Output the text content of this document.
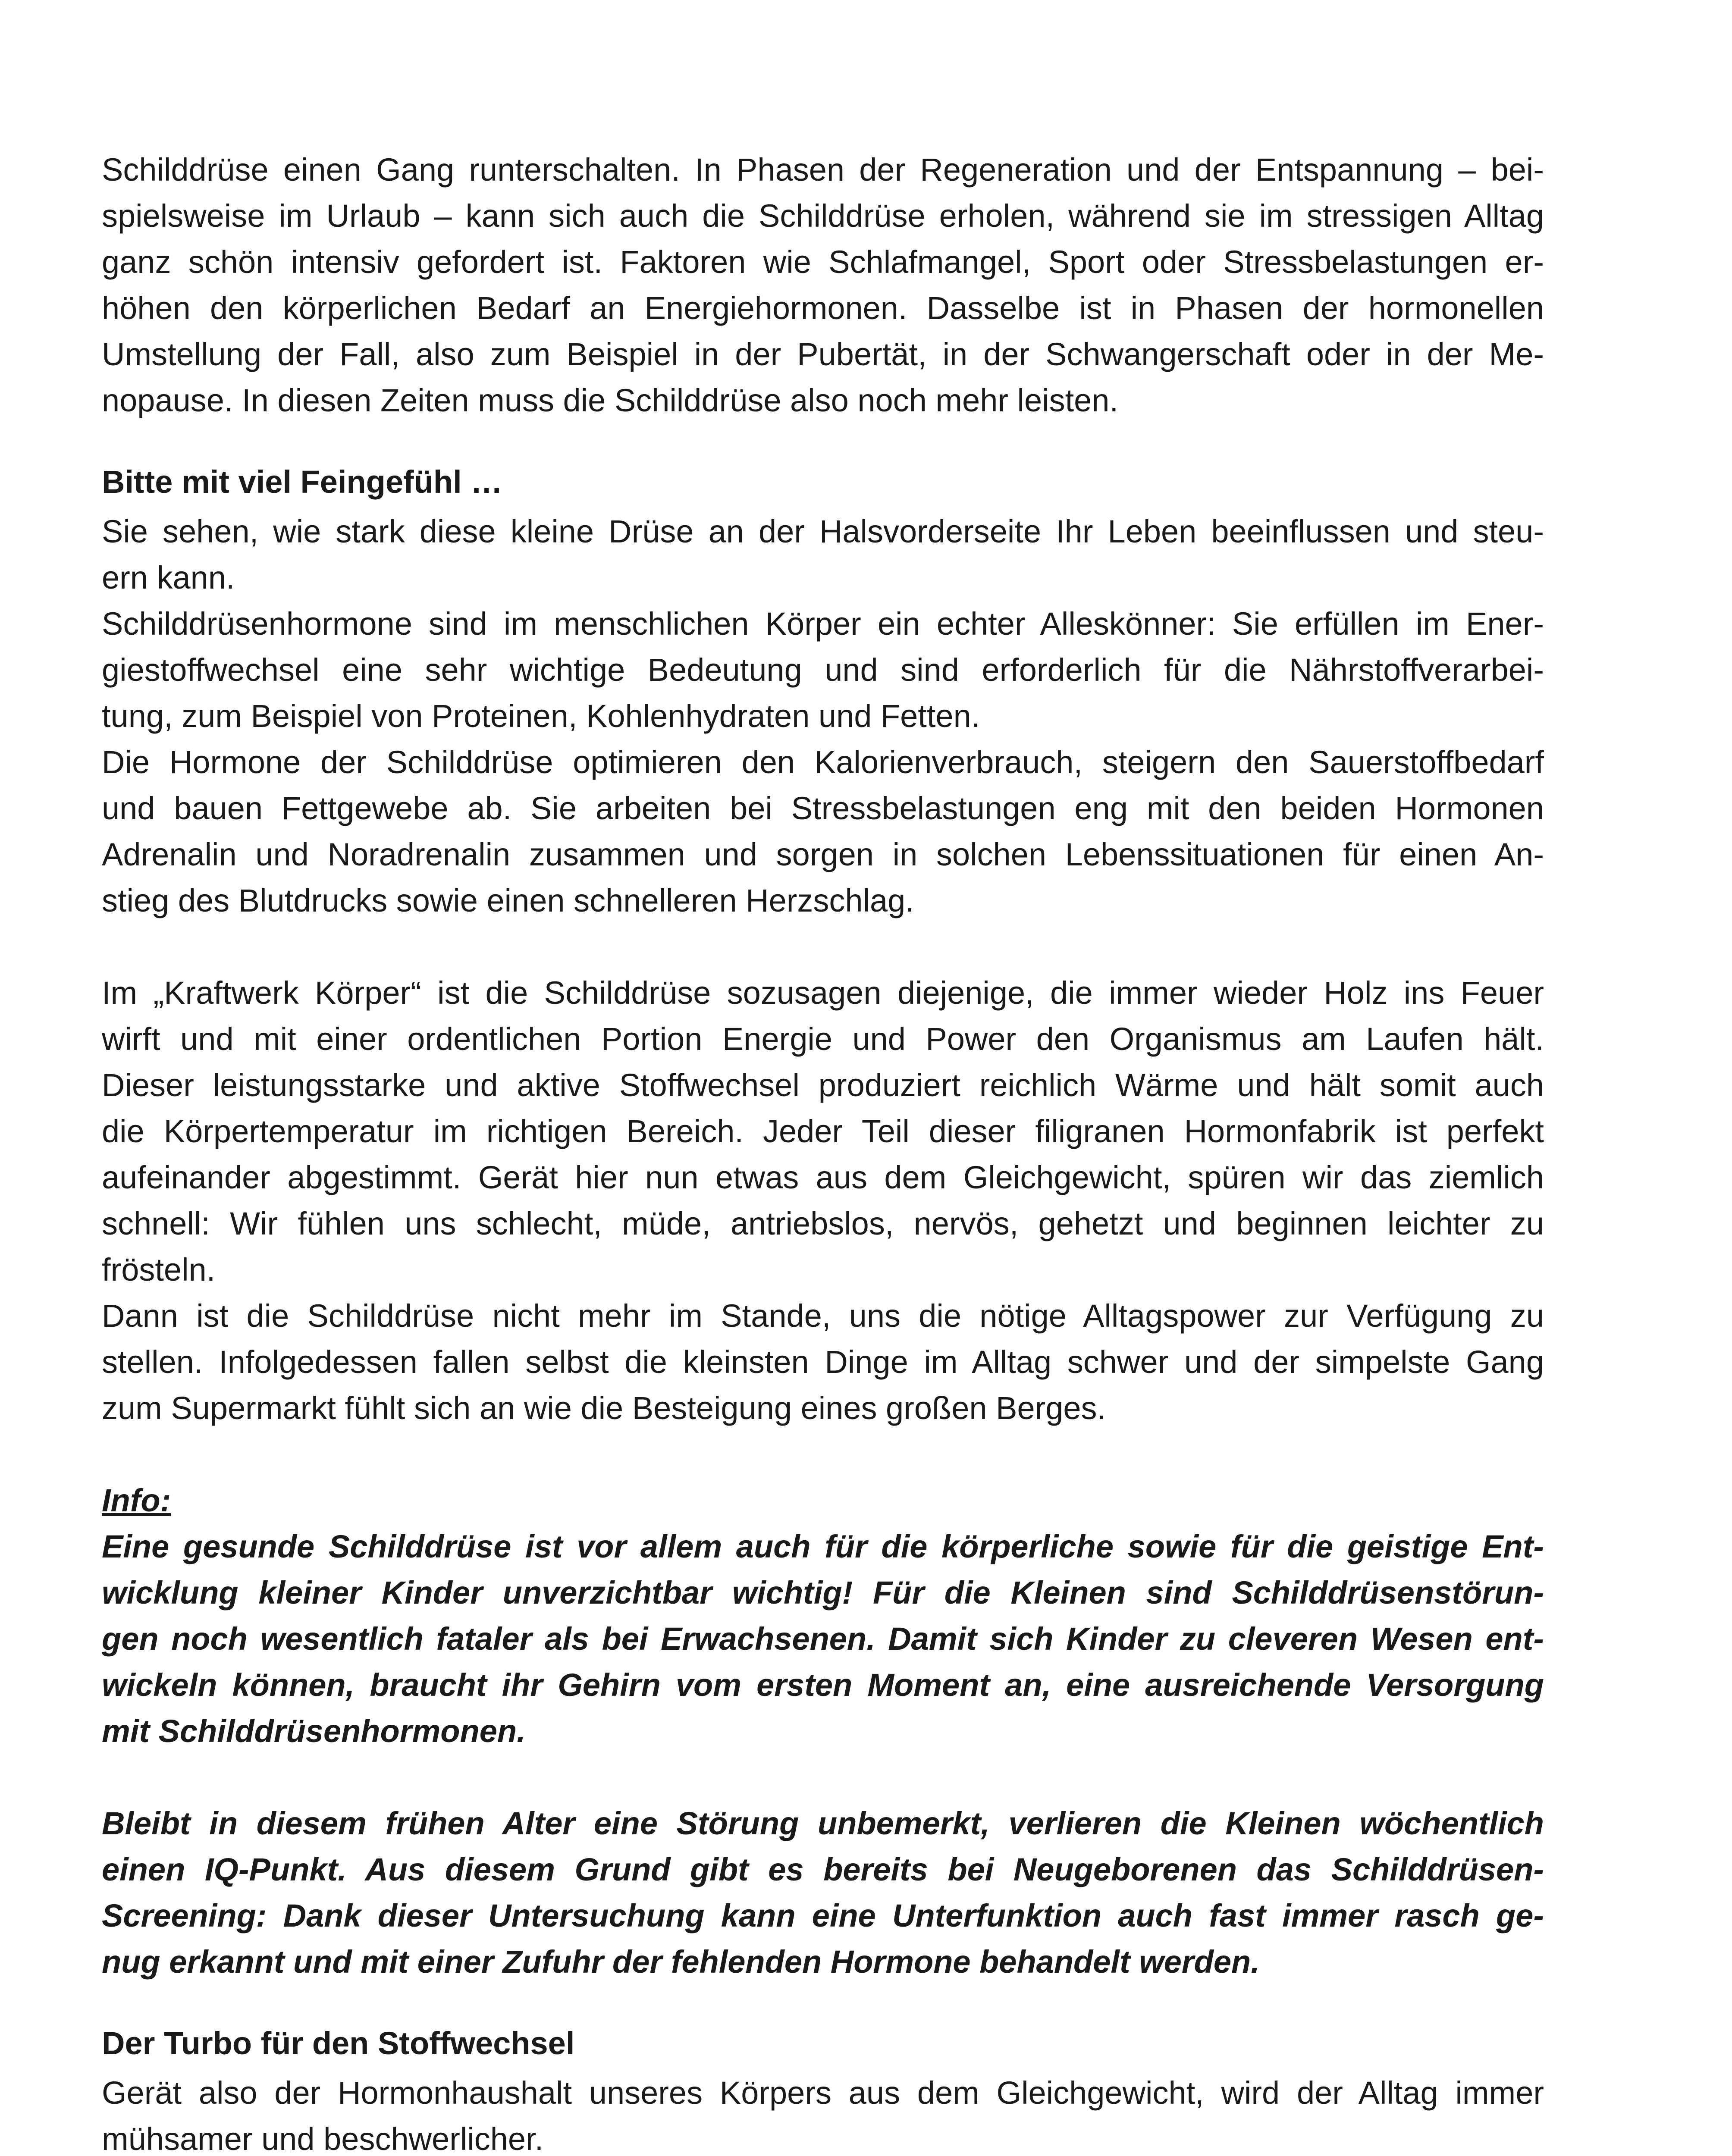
Schilddrüse einen Gang runterschalten. In Phasen der Regeneration und der Entspannung – bei-
spielsweise im Urlaub – kann sich auch die Schilddrüse erholen, während sie im stressigen Alltag
ganz schön intensiv gefordert ist. Faktoren wie Schlafmangel, Sport oder Stressbelastungen er-
höhen den körperlichen Bedarf an Energiehormonen. Dasselbe ist in Phasen der hormonellen
Umstellung der Fall, also zum Beispiel in der Pubertät, in der Schwangerschaft oder in der Me-
nopause. In diesen Zeiten muss die Schilddrüse also noch mehr leisten.
Bitte mit viel Feingefühl …
Sie sehen, wie stark diese kleine Drüse an der Halsvorderseite Ihr Leben beeinflussen und steu-
ern kann.
Schilddrüsenhormone sind im menschlichen Körper ein echter Alleskönner: Sie erfüllen im Ener-
giestoffwechsel eine sehr wichtige Bedeutung und sind erforderlich für die Nährstoffverarbei-
tung, zum Beispiel von Proteinen, Kohlenhydraten und Fetten.
Die Hormone der Schilddrüse optimieren den Kalorienverbrauch, steigern den Sauerstoffbedarf
und bauen Fettgewebe ab. Sie arbeiten bei Stressbelastungen eng mit den beiden Hormonen
Adrenalin und Noradrenalin zusammen und sorgen in solchen Lebenssituationen für einen An-
stieg des Blutdrucks sowie einen schnelleren Herzschlag.
Im „Kraftwerk Körper“ ist die Schilddrüse sozusagen diejenige, die immer wieder Holz ins Feuer
wirft und mit einer ordentlichen Portion Energie und Power den Organismus am Laufen hält.
Dieser leistungsstarke und aktive Stoffwechsel produziert reichlich Wärme und hält somit auch
die Körpertemperatur im richtigen Bereich. Jeder Teil dieser filigranen Hormonfabrik ist perfekt
aufeinander abgestimmt. Gerät hier nun etwas aus dem Gleichgewicht, spüren wir das ziemlich
schnell: Wir fühlen uns schlecht, müde, antriebslos, nervös, gehetzt und beginnen leichter zu
frösteln.
Dann ist die Schilddrüse nicht mehr im Stande, uns die nötige Alltagspower zur Verfügung zu
stellen. Infolgedessen fallen selbst die kleinsten Dinge im Alltag schwer und der simpelste Gang
zum Supermarkt fühlt sich an wie die Besteigung eines großen Berges.
Info:
Eine gesunde Schilddrüse ist vor allem auch für die körperliche sowie für die geistige Ent-
wicklung kleiner Kinder unverzichtbar wichtig! Für die Kleinen sind Schilddrüsenstörun-
gen noch wesentlich fataler als bei Erwachsenen. Damit sich Kinder zu cleveren Wesen ent-
wickeln können, braucht ihr Gehirn vom ersten Moment an, eine ausreichende Versorgung
mit Schilddrüsenhormonen.
Bleibt in diesem frühen Alter eine Störung unbemerkt, verlieren die Kleinen wöchentlich
einen IQ-Punkt. Aus diesem Grund gibt es bereits bei Neugeborenen das Schilddrüsen-
Screening: Dank dieser Untersuchung kann eine Unterfunktion auch fast immer rasch ge-
nug erkannt und mit einer Zufuhr der fehlenden Hormone behandelt werden.
Der Turbo für den Stoffwechsel
Gerät also der Hormonhaushalt unseres Körpers aus dem Gleichgewicht, wird der Alltag immer
mühsamer und beschwerlicher.
